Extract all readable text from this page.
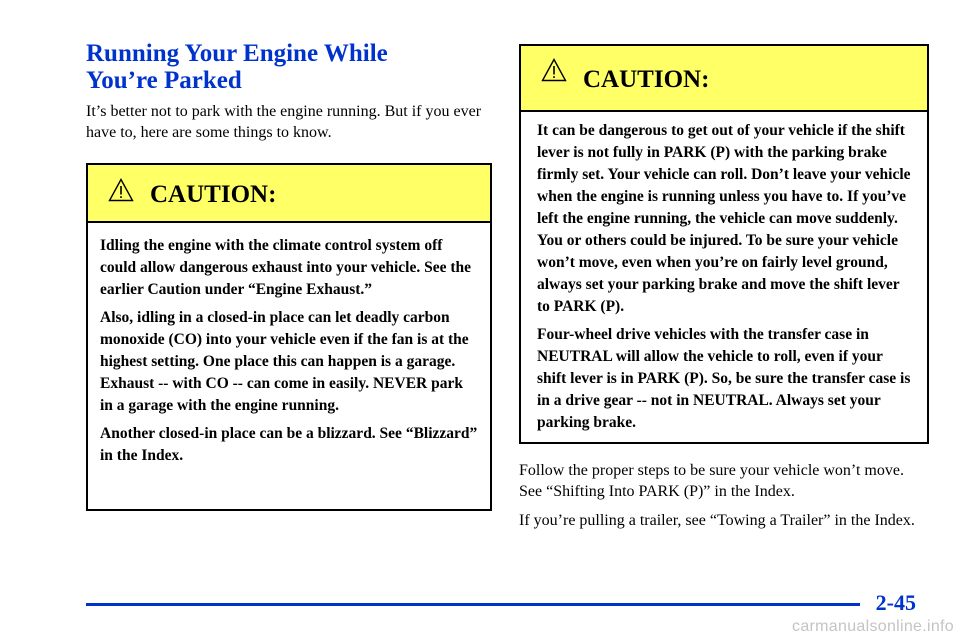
Running Your Engine While
You’re Parked

It’s better not to park with the engine running. But if you ever have to, here are some things to know.

CAUTION:

Idling the engine with the climate control system off could allow dangerous exhaust into your vehicle. See the earlier Caution under “Engine Exhaust.”

Also, idling in a closed-in place can let deadly carbon monoxide (CO) into your vehicle even if the fan is at the highest setting. One place this can happen is a garage. Exhaust -- with CO -- can come in easily. NEVER park in a garage with the engine running.

Another closed-in place can be a blizzard. See “Blizzard” in the Index.

CAUTION:

It can be dangerous to get out of your vehicle if the shift lever is not fully in PARK (P) with the parking brake firmly set. Your vehicle can roll. Don’t leave your vehicle when the engine is running unless you have to. If you’ve left the engine running, the vehicle can move suddenly. You or others could be injured. To be sure your vehicle won’t move, even when you’re on fairly level ground, always set your parking brake and move the shift lever to PARK (P).

Four-wheel drive vehicles with the transfer case in NEUTRAL will allow the vehicle to roll, even if your shift lever is in PARK (P). So, be sure the transfer case is in a drive gear -- not in NEUTRAL. Always set your parking brake.

Follow the proper steps to be sure your vehicle won’t move. See “Shifting Into PARK (P)” in the Index.

If you’re pulling a trailer, see “Towing a Trailer” in the Index.

2-45
carmanualsonline.info
